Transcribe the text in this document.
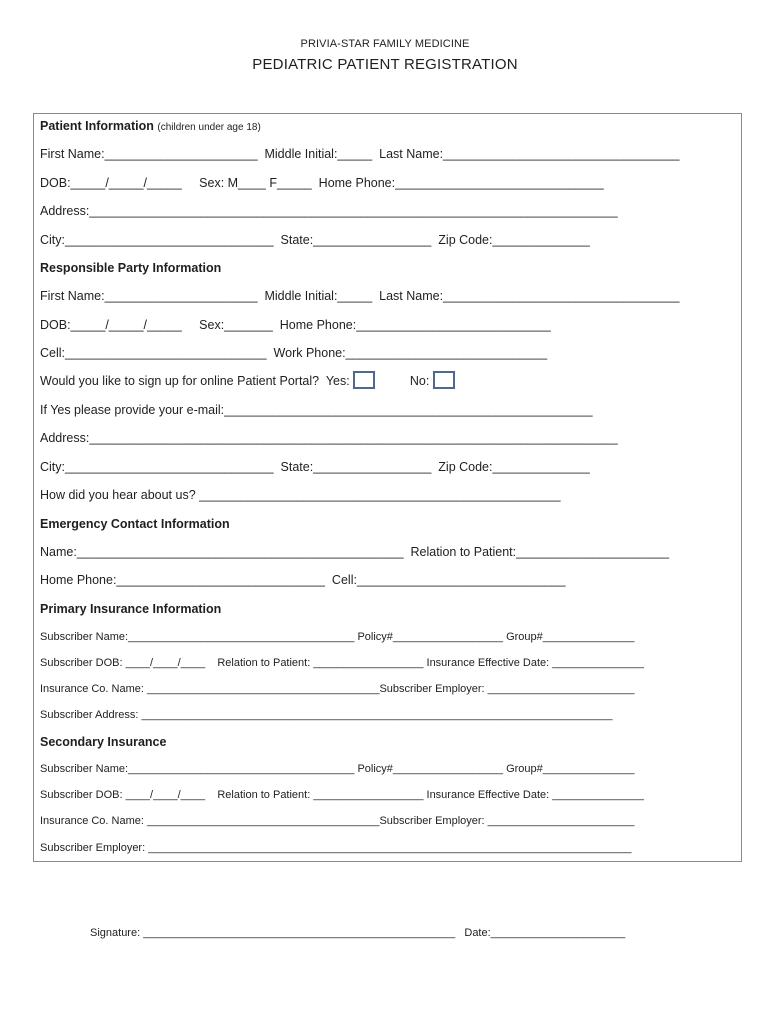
PRIVIA-STAR FAMILY MEDICINE
PEDIATRIC PATIENT REGISTRATION
Patient Information (children under age 18)
First Name:______________________  Middle Initial:_____  Last Name:__________________________________
DOB:_____/_____/_____     Sex: M____ F_____  Home Phone:______________________________
Address:____________________________________________________________________________
City:______________________________  State:_________________  Zip Code:______________
Responsible Party Information
First Name:______________________  Middle Initial:_____  Last Name:__________________________________
DOB:_____/_____/_____     Sex:_______  Home Phone:____________________________
Cell:_____________________________  Work Phone:_____________________________
Would you like to sign up for online Patient Portal?  Yes:           No:
If Yes please provide your e-mail:_____________________________________________________
Address:____________________________________________________________________________
City:______________________________  State:_________________  Zip Code:______________
How did you hear about us? ____________________________________________________
Emergency Contact Information
Name:_______________________________________________  Relation to Patient:______________________
Home Phone:______________________________  Cell:______________________________
Primary Insurance Information
Subscriber Name:_____________________________________ Policy#__________________ Group#_______________
Subscriber DOB: ____/____/____    Relation to Patient: __________________ Insurance Effective Date: _______________
Insurance Co. Name: ______________________________________Subscriber Employer: ________________________
Subscriber Address: _____________________________________________________________________________
Secondary Insurance
Subscriber Name:_____________________________________ Policy#__________________ Group#_______________
Subscriber DOB: ____/____/____    Relation to Patient: __________________ Insurance Effective Date: _______________
Insurance Co. Name: ______________________________________Subscriber Employer: ________________________
Subscriber Employer: _______________________________________________________________________________
Signature: ___________________________________________________   Date:______________________
